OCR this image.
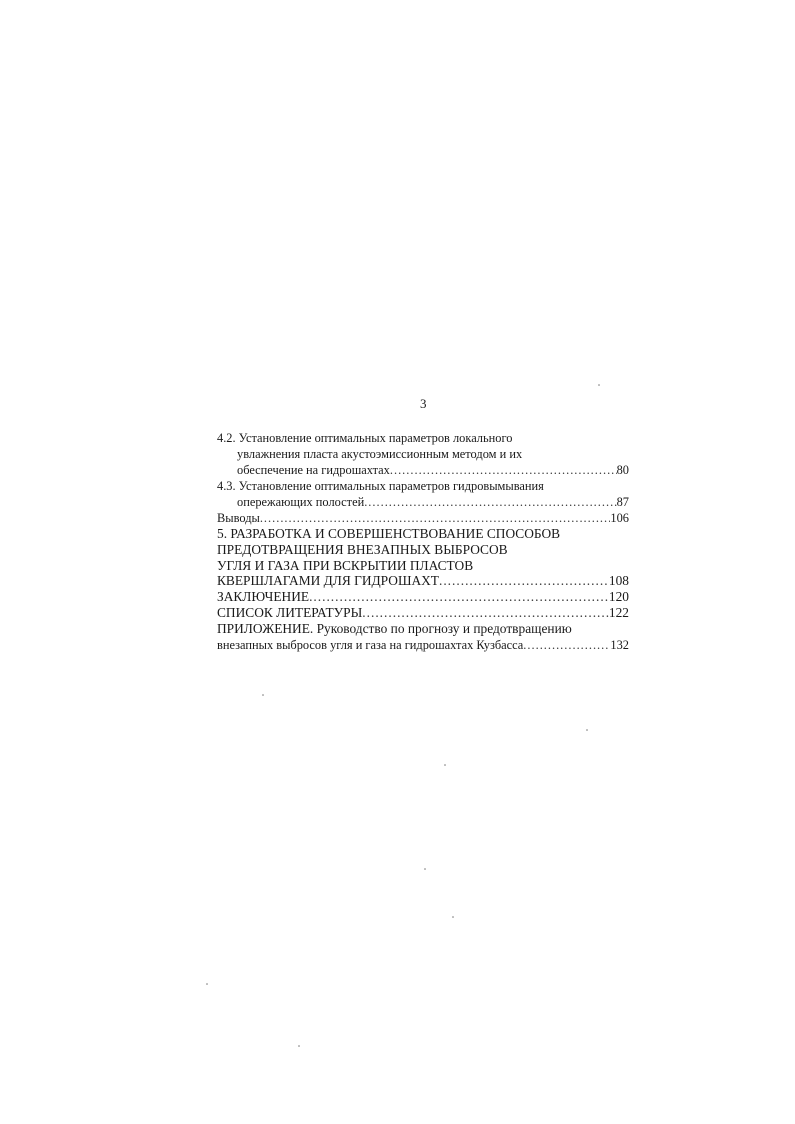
3
4.2. Установление оптимальных параметров локального
увлажнения пласта акустоэмиссионным методом и их
обеспечение на гидрошахтах .....	80
4.3. Установление оптимальных параметров гидровымывания
опережающих полостей .....	87
Выводы .....	106
5. РАЗРАБОТКА И СОВЕРШЕНСТВОВАНИЕ СПОСОБОВ
ПРЕДОТВРАЩЕНИЯ ВНЕЗАПНЫХ ВЫБРОСОВ
УГЛЯ И ГАЗА ПРИ ВСКРЫТИИ ПЛАСТОВ
КВЕРШЛАГАМИ ДЛЯ ГИДРОШАХТ .....	108
ЗАКЛЮЧЕНИЕ .....	120
СПИСОК ЛИТЕРАТУРЫ .....	122
ПРИЛОЖЕНИЕ. Руководство по прогнозу и предотвращению
внезапных выбросов угля и газа на гидрошахтах Кузбасса .....	132
